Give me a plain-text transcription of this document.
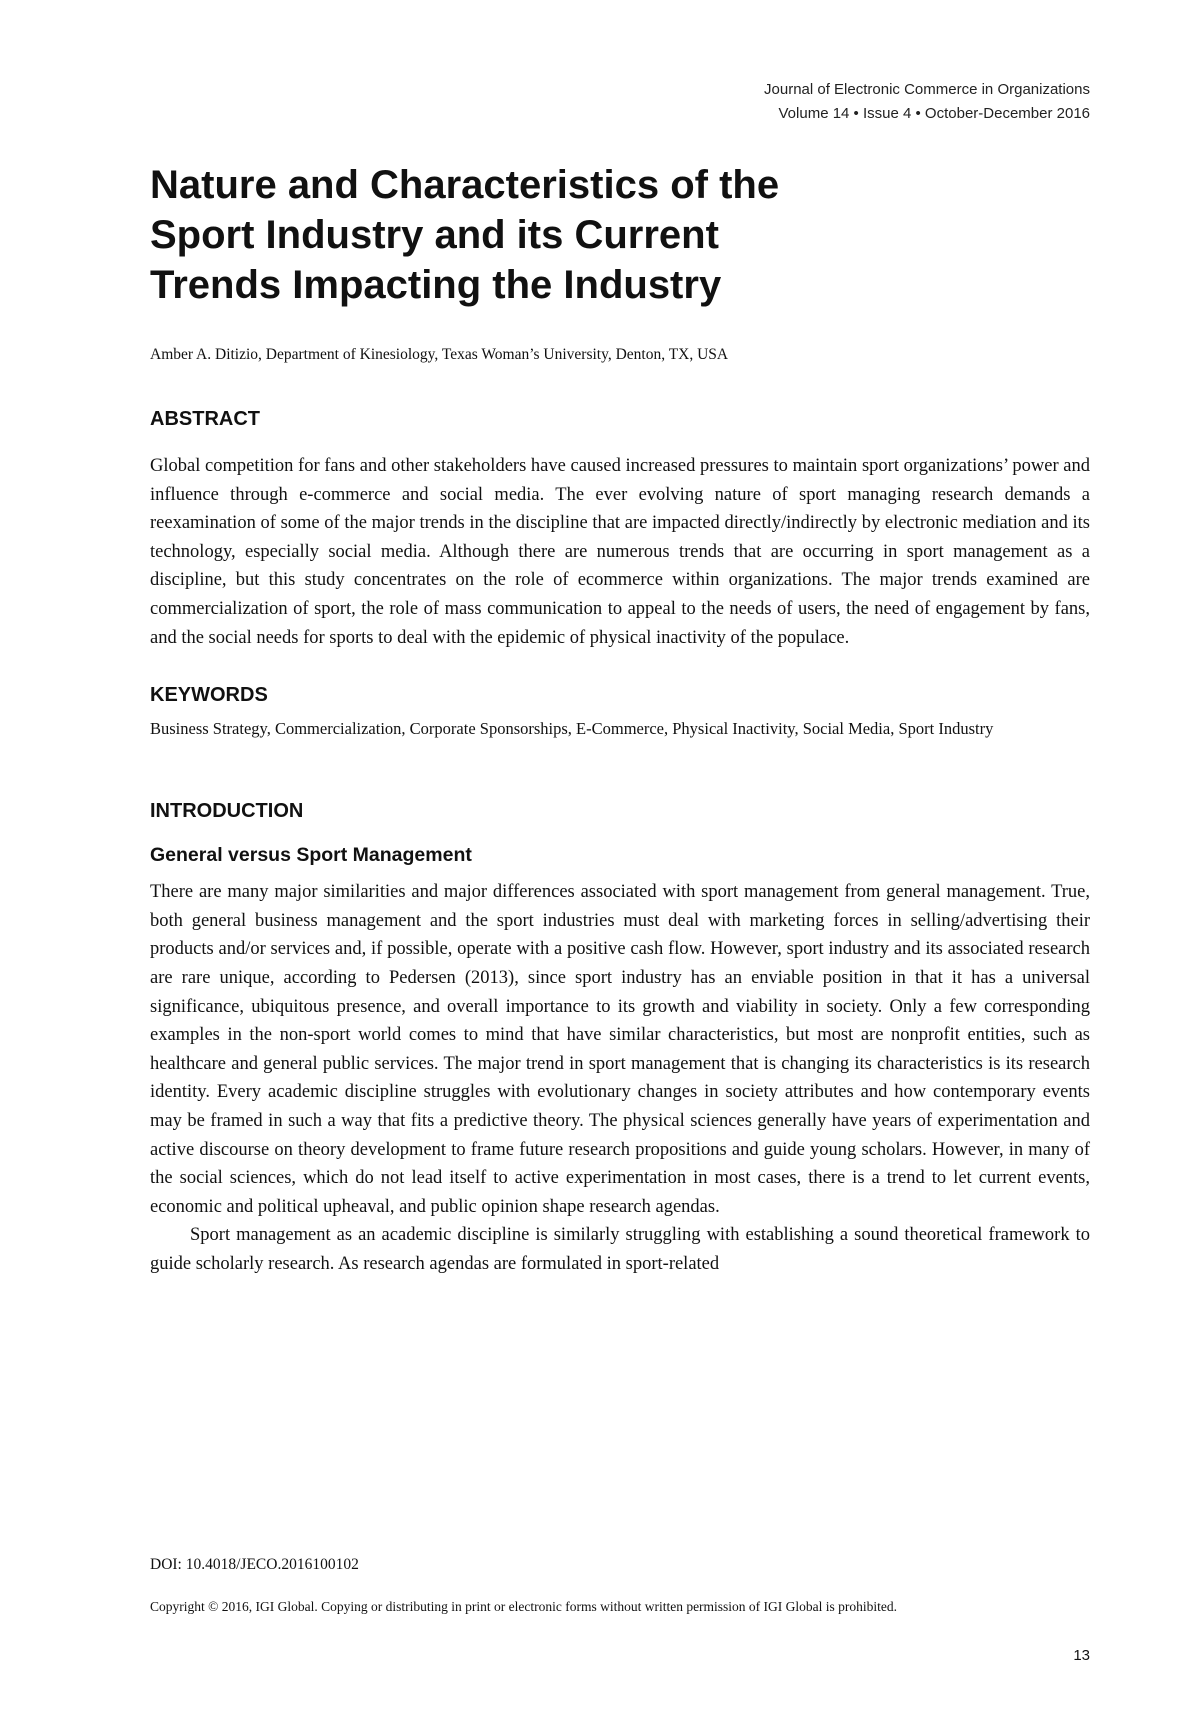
Journal of Electronic Commerce in Organizations
Volume 14 • Issue 4 • October-December 2016
Nature and Characteristics of the
Sport Industry and its Current
Trends Impacting the Industry

Amber A. Ditizio, Department of Kinesiology, Texas Woman’s University, Denton, TX, USA

ABSTRACT

Global competition for fans and other stakeholders have caused increased pressures to maintain sport organizations’ power and influence through e-commerce and social media. The ever evolving nature of sport managing research demands a reexamination of some of the major trends in the discipline that are impacted directly/indirectly by electronic mediation and its technology, especially social media. Although there are numerous trends that are occurring in sport management as a discipline, but this study concentrates on the role of ecommerce within organizations. The major trends examined are commercialization of sport, the role of mass communication to appeal to the needs of users, the need of engagement by fans, and the social needs for sports to deal with the epidemic of physical inactivity of the populace.

KEYWORDS

Business Strategy, Commercialization, Corporate Sponsorships, E-Commerce, Physical Inactivity, Social Media, Sport Industry

INTRODUCTION
General versus Sport Management

There are many major similarities and major differences associated with sport management from general management. True, both general business management and the sport industries must deal with marketing forces in selling/advertising their products and/or services and, if possible, operate with a positive cash flow. However, sport industry and its associated research are rare unique, according to Pedersen (2013), since sport industry has an enviable position in that it has a universal significance, ubiquitous presence, and overall importance to its growth and viability in society. Only a few corresponding examples in the non-sport world comes to mind that have similar characteristics, but most are nonprofit entities, such as healthcare and general public services. The major trend in sport management that is changing its characteristics is its research identity. Every academic discipline struggles with evolutionary changes in society attributes and how contemporary events may be framed in such a way that fits a predictive theory. The physical sciences generally have years of experimentation and active discourse on theory development to frame future research propositions and guide young scholars. However, in many of the social sciences, which do not lead itself to active experimentation in most cases, there is a trend to let current events, economic and political upheaval, and public opinion shape research agendas.

Sport management as an academic discipline is similarly struggling with establishing a sound theoretical framework to guide scholarly research. As research agendas are formulated in sport-related

DOI: 10.4018/JECO.2016100102
Copyright © 2016, IGI Global. Copying or distributing in print or electronic forms without written permission of IGI Global is prohibited.
13
